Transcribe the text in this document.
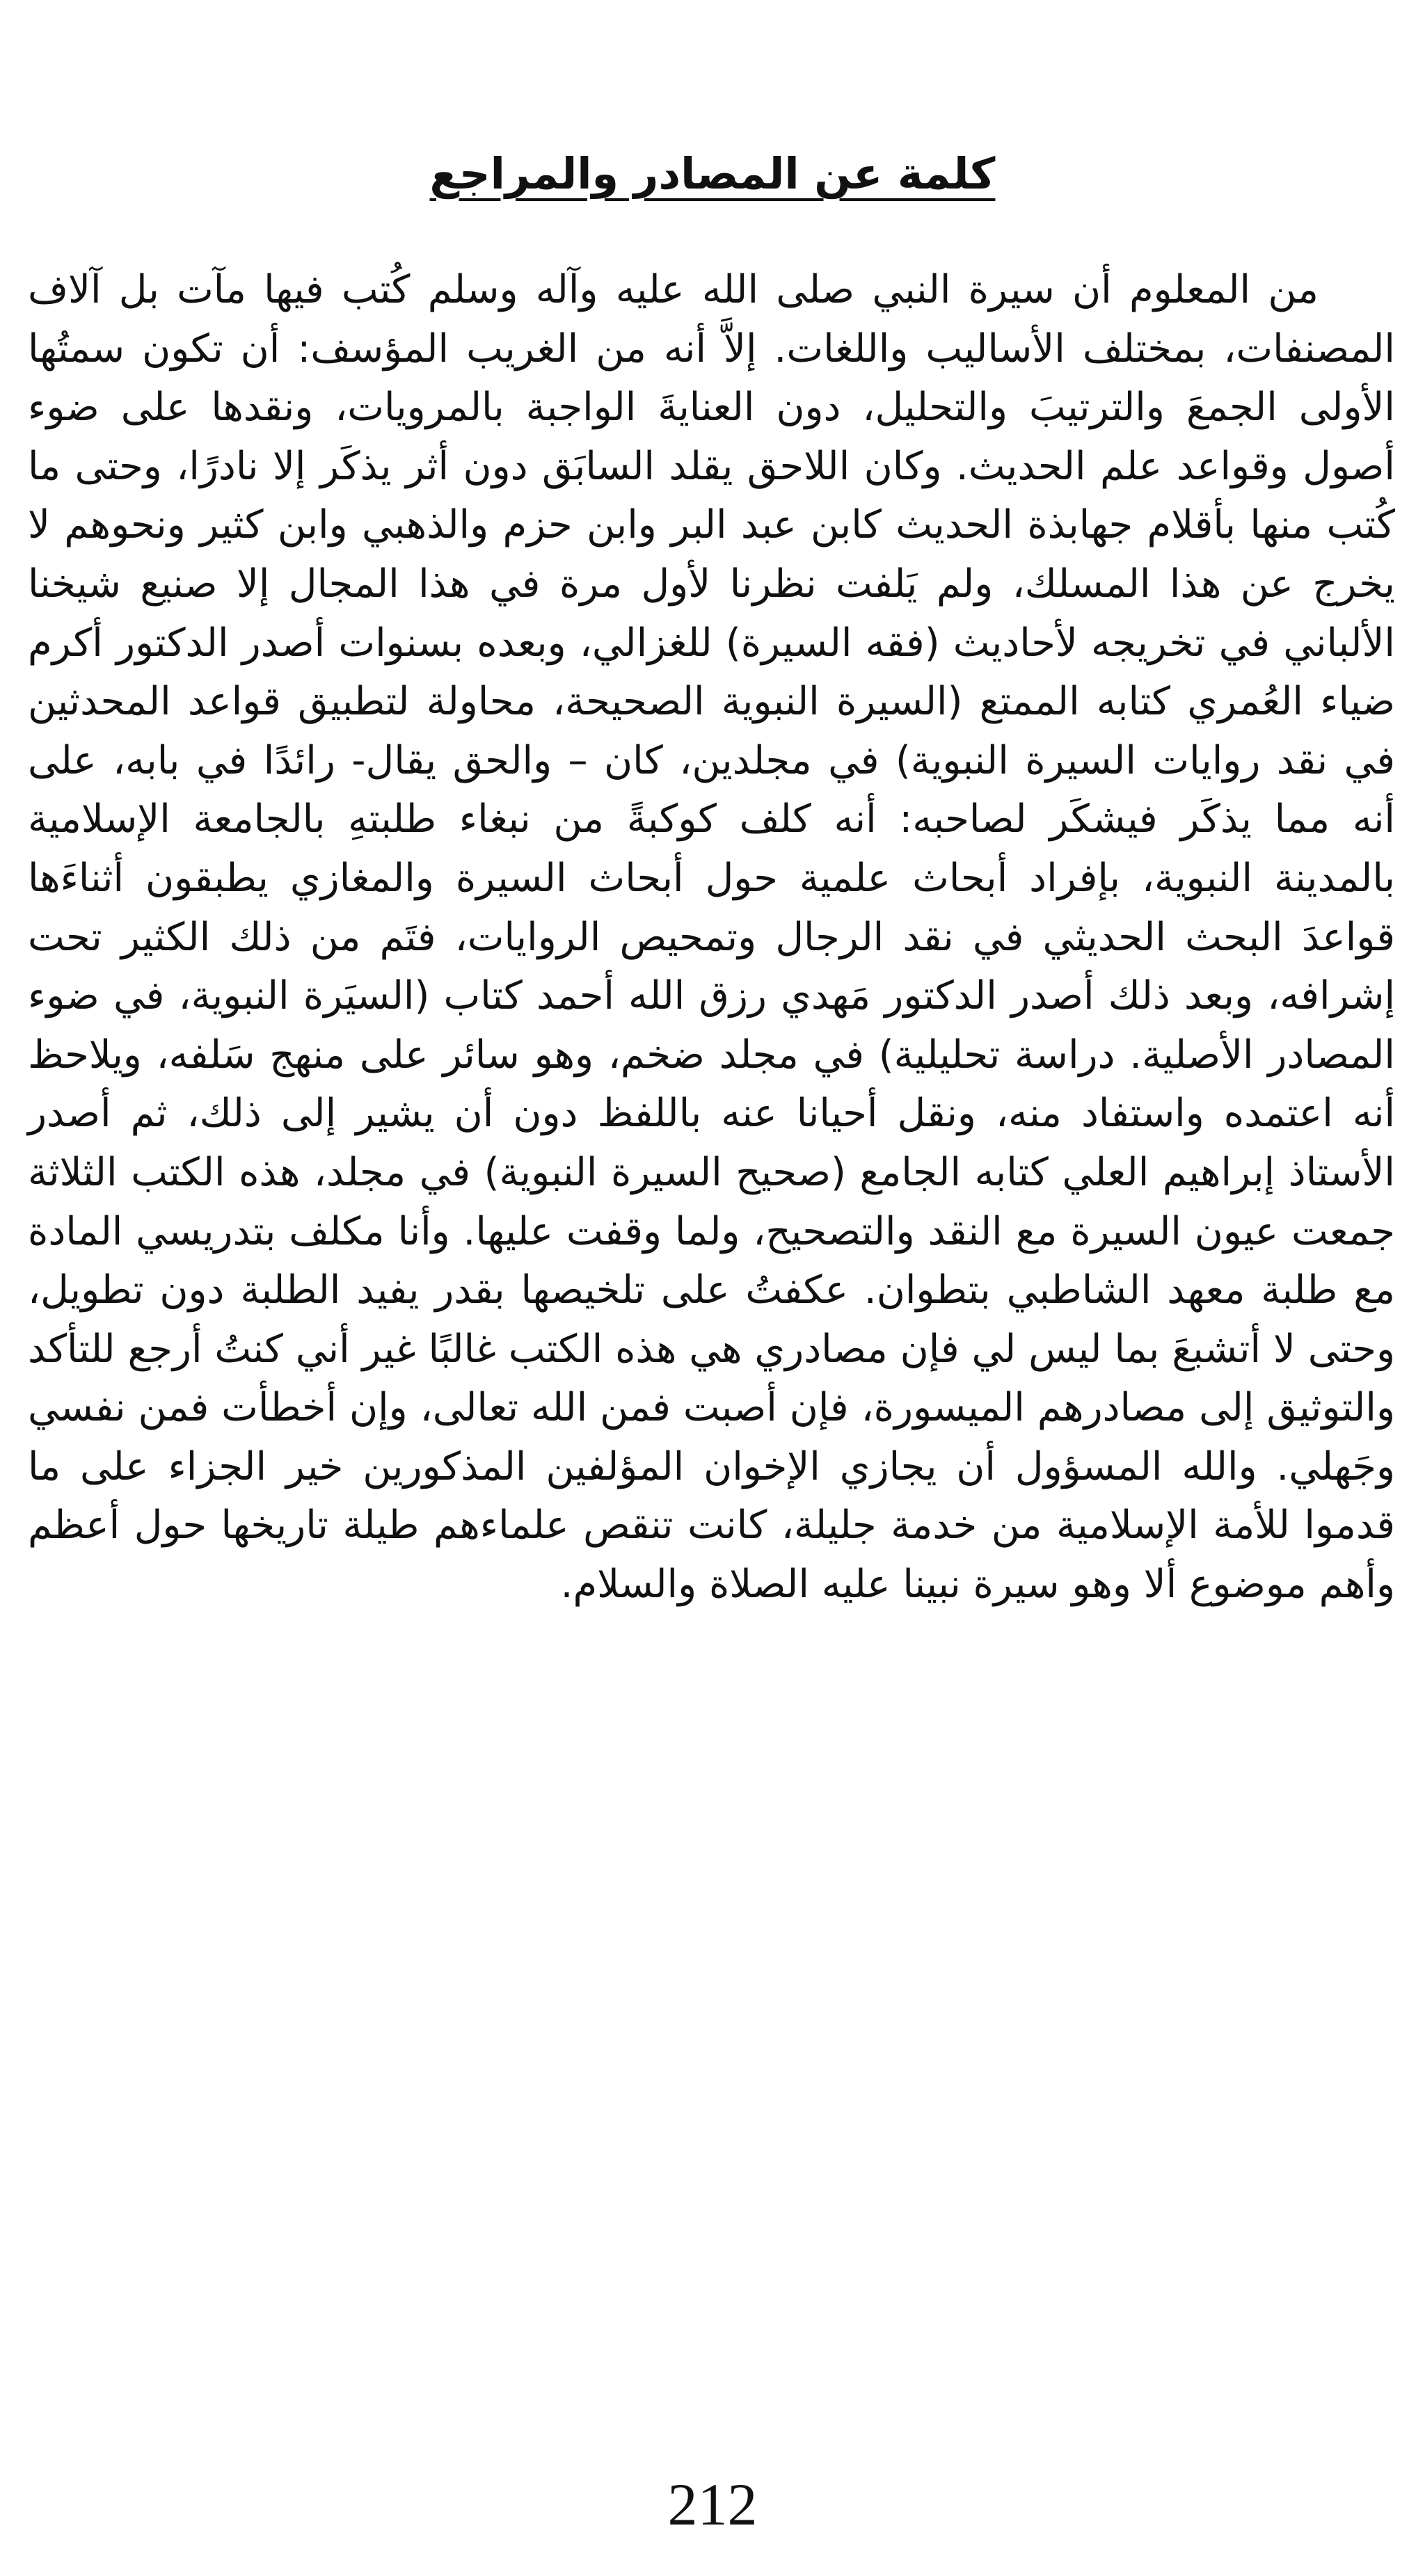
كلمة عن المصادر والمراجع

من المعلوم أن سيرة النبي صلى الله عليه وآله وسلم كُتب فيها مآت بل آلاف المصنفات، بمختلف الأساليب واللغات. إلاَّ أنه من الغريب المؤسف: أن تكون سمتُها الأولى الجمعَ والترتيبَ والتحليل، دون العنايةَ الواجبة بالمرويات، ونقدها على ضوء أصول وقواعد علم الحديث. وكان اللاحق يقلد السابَق دون أثر يذكَر إلا نادرًا، وحتى ما كُتب منها بأقلام جهابذة الحديث كابن عبد البر وابن حزم والذهبي وابن كثير ونحوهم لا يخرج عن هذا المسلك، ولم يَلفت نظرنا لأول مرة في هذا المجال إلا صنيع شيخنا الألباني في تخريجه لأحاديث (فقه السيرة) للغزالي، وبعده بسنوات أصدر الدكتور أكرم ضياء العُمري كتابه الممتع (السيرة النبوية الصحيحة، محاولة لتطبيق قواعد المحدثين في نقد روايات السيرة النبوية) في مجلدين، كان – والحق يقال- رائدًا في بابه، على أنه مما يذكَر فيشكَر لصاحبه: أنه كلف كوكبةً من نبغاء طلبتهِ بالجامعة الإسلامية بالمدينة النبوية، بإفراد أبحاث علمية حول أبحاث السيرة والمغازي يطبقون أثناءَها قواعدَ البحث الحديثي في نقد الرجال وتمحيص الروايات، فتَم من ذلك الكثير تحت إشرافه، وبعد ذلك أصدر الدكتور مَهدي رزق الله أحمد كتاب (السيَرة النبوية، في ضوء المصادر الأصلية. دراسة تحليلية) في مجلد ضخم، وهو سائر على منهج سَلفه، ويلاحظ أنه اعتمده واستفاد منه، ونقل أحيانا عنه باللفظ دون أن يشير إلى ذلك، ثم أصدر الأستاذ إبراهيم العلي كتابه الجامع (صحيح السيرة النبوية) في مجلد، هذه الكتب الثلاثة جمعت عيون السيرة مع النقد والتصحيح، ولما وقفت عليها. وأنا مكلف بتدريسي المادة مع طلبة معهد الشاطبي بتطوان. عكفتُ على تلخيصها بقدر يفيد الطلبة دون تطويل، وحتى لا أتشبعَ بما ليس لي فإن مصادري هي هذه الكتب غالبًا غير أني كنتُ أرجع للتأكد والتوثيق إلى مصادرهم الميسورة، فإن أصبت فمن الله تعالى، وإن أخطأت فمن نفسي وجَهلي. والله المسؤول أن يجازي الإخوان المؤلفين المذكورين خير الجزاء على ما قدموا للأمة الإسلامية من خدمة جليلة، كانت تنقص علماءهم طيلة تاريخها حول أعظم وأهم موضوع ألا وهو سيرة نبينا عليه الصلاة والسلام.

212
